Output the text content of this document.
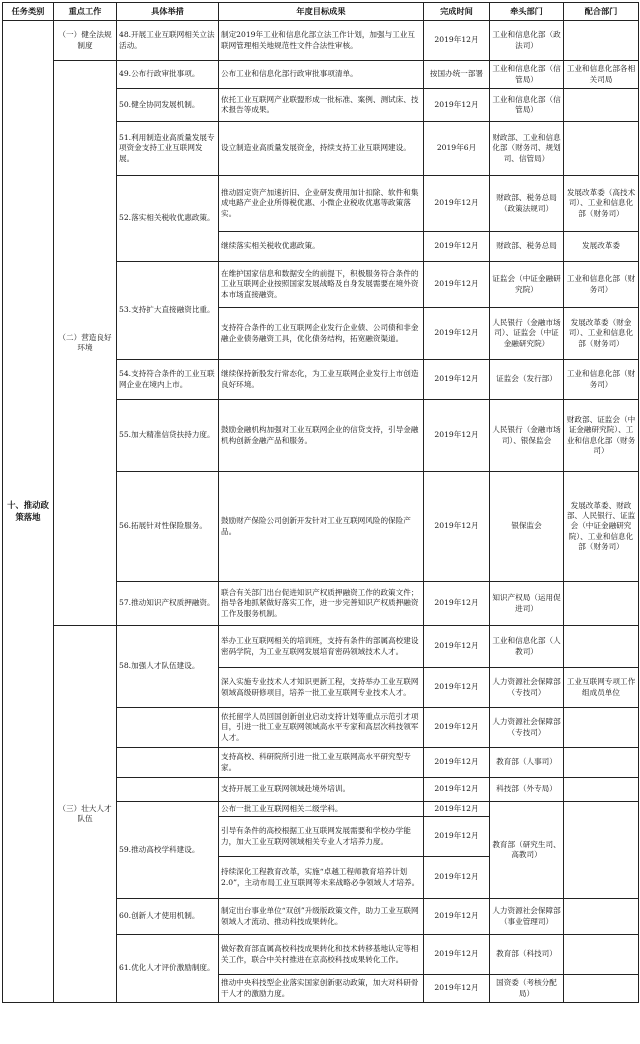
任务类别	重点工作	具体举措	年度目标成果	完成时间	牵头部门	配合部门
十、推动政策落地	（一）健全法规制度	48.开展工业互联网相关立法活动。	制定2019年工业和信息化部立法工作计划，加强与工业互联网管理相关地规范性文件合法性审核。	2019年12月	工业和信息化部（政法司）	
	（二）营造良好环境	49.公布行政审批事项。	公布工业和信息化部行政审批事项清单。	按国办统一部署	工业和信息化部（信管局）	工业和信息化部各相关司局
		50.健全协同发展机制。	依托工业互联网产业联盟形成一批标准、案例、测试床、技术报告等成果。	2019年12月	工业和信息化部（信管局）	
		51.利用制造业高质量发展专项资金支持工业互联网发展。	设立制造业高质量发展资金，持续支持工业互联网建设。	2019年6月	财政部、工业和信息化部（财务司、规划司、信管局）	
		52.落实相关税收优惠政策。	推动固定资产加速折旧、企业研发费用加计扣除、软件和集成电路产业企业所得税优惠、小微企业税收优惠等政策落实。	2019年12月	财政部、税务总局（政策法规司）	发展改革委（高技术司）、工业和信息化部（财务司）
			继续落实相关税收优惠政策。	2019年12月	财政部、税务总局	发展改革委
		53.支持扩大直接融资比重。	在维护国家信息和数据安全的前提下，积极服务符合条件的工业互联网企业按照国家发展战略及自身发展需要在境外资本市场直接融资。	2019年12月	证监会（中证金融研究院）	工业和信息化部（财务司）
			支持符合条件的工业互联网企业发行企业债、公司债和非金融企业债务融资工具，优化债务结构，拓宽融资渠道。	2019年12月	人民银行（金融市场司）、证监会（中证金融研究院）	发展改革委（财金司）、工业和信息化部（财务司）
		54.支持符合条件的工业互联网企业在境内上市。	继续保持新股发行常态化，为工业互联网企业发行上市创造良好环境。	2019年12月	证监会（发行部）	工业和信息化部（财务司）
		55.加大精准信贷扶持力度。	鼓励金融机构加强对工业互联网企业的信贷支持，引导金融机构创新金融产品和服务。	2019年12月	人民银行（金融市场司）、银保监会	财政部、证监会（中证金融研究院）、工业和信息化部（财务司）
		56.拓展针对性保险服务。	鼓励财产保险公司创新开发针对工业互联网风险的保险产品。	2019年12月	银保监会	发展改革委、财政部、人民银行、证监会（中证金融研究院）、工业和信息化部（财务司）
		57.推动知识产权质押融资。	联合有关部门出台促进知识产权质押融资工作的政策文件；指导各地抓紧做好落实工作，进一步完善知识产权质押融资工作及服务机制。	2019年12月	知识产权局（运用促进司）	
	（三）壮大人才队伍	58.加强人才队伍建设。	举办工业互联网相关的培训班，支持有条件的部属高校建设密码学院，为工业互联网发展培育密码领域技术人才。	2019年12月	工业和信息化部（人教司）	
			深入实施专业技术人才知识更新工程，支持举办工业互联网领域高级研修项目，培养一批工业互联网专业技术人才。	2019年12月	人力资源社会保障部（专技司）	工业互联网专项工作组成员单位
			依托留学人员回国创新创业启动支持计划等重点示范引才项目，引进一批工业互联网领域高水平专家和高层次科技领军人才。	2019年12月	人力资源社会保障部（专技司）	
			支持高校、科研院所引进一批工业互联网高水平研究型专家。	2019年12月	教育部（人事司）	
			支持开展工业互联网领域赴境外培训。	2019年12月	科技部（外专局）	
		59.推动高校学科建设。	公布一批工业互联网相关二级学科。	2019年12月	教育部（研究生司、高教司）	
			引导有条件的高校根据工业互联网发展需要和学校办学能力，加大工业互联网领域相关专业人才培养力度。	2019年12月		
			持续深化工程教育改革，实施“卓越工程师教育培养计划2.0”，主动布局工业互联网等未来战略必争领域人才培养。	2019年12月		
		60.创新人才使用机制。	制定出台事业单位“双创”升级版政策文件，助力工业互联网领域人才流动、推动科技成果转化。	2019年12月	人力资源社会保障部（事业管理司）	
		61.优化人才评价激励制度。	做好教育部直属高校科技成果转化和技术转移基地认定等相关工作，联合中关村推进在京高校科技成果转化工作。	2019年12月	教育部（科技司）	
			推动中央科技型企业落实国家创新驱动政策，加大对科研骨干人才的激励力度。	2019年12月	国资委（考核分配局）	
